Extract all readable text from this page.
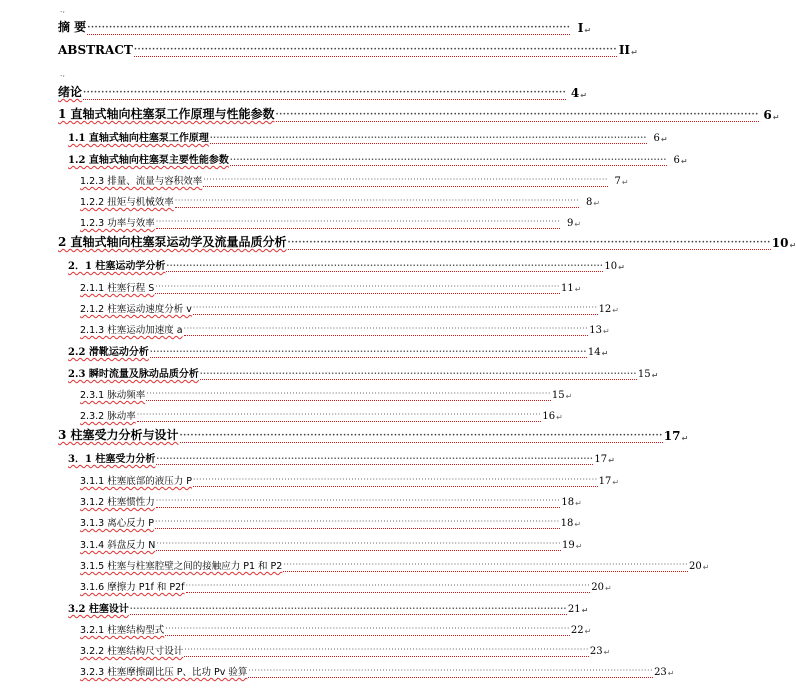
.,
.,
摘 要 ····································································································································· I ↵
ABSTRACT ····································································································································· II ↵
绪论 ····································································································································· 4 ↵
1 直轴式轴向柱塞泵工作原理与性能参数 ····································································································································· 6 ↵
1.1 直轴式轴向柱塞泵工作原理 ····································································································································· 6 ↵
1.2 直轴式轴向柱塞泵主要性能参数 ····································································································································· 6 ↵
1.2.3 排量、流量与容积效率 ····································································································································· 7 ↵
1.2.2 扭矩与机械效率 ····································································································································· 8 ↵
1.2.3 功率与效率 ····································································································································· 9 ↵
2 直轴式轴向柱塞泵运动学及流量品质分析 ····································································································································· 10 ↵
2．1 柱塞运动学分析 ····································································································································· 10 ↵
2.1.1 柱塞行程 S ····································································································································· 11 ↵
2.1.2 柱塞运动速度分析 v ····································································································································· 12 ↵
2.1.3 柱塞运动加速度 a ····································································································································· 13 ↵
2.2 滑靴运动分析 ····································································································································· 14 ↵
2.3 瞬时流量及脉动品质分析 ····································································································································· 15 ↵
2.3.1 脉动频率 ····································································································································· 15 ↵
2.3.2 脉动率 ····································································································································· 16 ↵
3 柱塞受力分析与设计 ····································································································································· 17 ↵
3．1 柱塞受力分析 ····································································································································· 17 ↵
3.1.1 柱塞底部的液压力 P ····································································································································· 17 ↵
3.1.2 柱塞惯性力 ····································································································································· 18 ↵
3.1.3 离心反力 P ····································································································································· 18 ↵
3.1.4 斜盘反力 N ····································································································································· 19 ↵
3.1.5 柱塞与柱塞腔壁之间的接触应力 P1 和 P2 ····································································································································· 20 ↵
3.1.6 摩擦力 P1f 和 P2f ····································································································································· 20 ↵
3.2 柱塞设计 ····································································································································· 21 ↵
3.2.1 柱塞结构型式 ····································································································································· 22 ↵
3.2.2 柱塞结构尺寸设计 ····································································································································· 23 ↵
3.2.3 柱塞摩擦副比压 P、比功 Pv 验算 ····································································································································· 23 ↵
